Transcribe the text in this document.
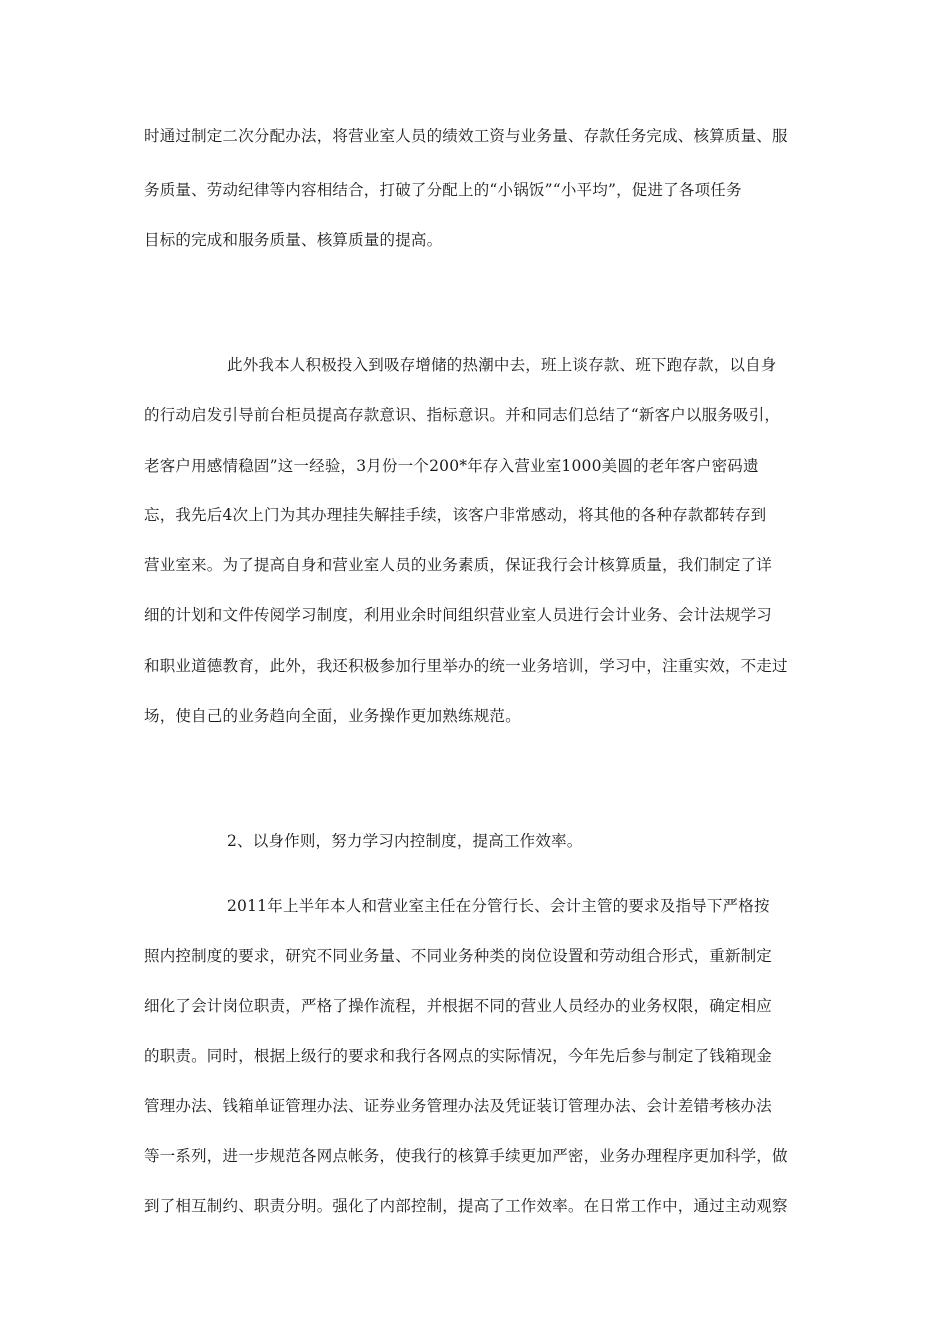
时通过制定二次分配办法，将营业室人员的绩效工资与业务量、存款任务完成、核算质量、服
务质量、劳动纪律等内容相结合，打破了分配上的“小锅饭”“小平均”，促进了各项任务
目标的完成和服务质量、核算质量的提高。
此外我本人积极投入到吸存增储的热潮中去，班上谈存款、班下跑存款，以自身
的行动启发引导前台柜员提高存款意识、指标意识。并和同志们总结了“新客户以服务吸引，
老客户用感情稳固”这一经验，3月份一个200*年存入营业室1000美圆的老年客户密码遗
忘，我先后4次上门为其办理挂失解挂手续，该客户非常感动，将其他的各种存款都转存到
营业室来。为了提高自身和营业室人员的业务素质，保证我行会计核算质量，我们制定了详
细的计划和文件传阅学习制度，利用业余时间组织营业室人员进行会计业务、会计法规学习
和职业道德教育，此外，我还积极参加行里举办的统一业务培训，学习中，注重实效，不走过
场，使自己的业务趋向全面，业务操作更加熟练规范。
2、以身作则，努力学习内控制度，提高工作效率。
2011年上半年本人和营业室主任在分管行长、会计主管的要求及指导下严格按
照内控制度的要求，研究不同业务量、不同业务种类的岗位设置和劳动组合形式，重新制定
细化了会计岗位职责，严格了操作流程，并根据不同的营业人员经办的业务权限，确定相应
的职责。同时，根据上级行的要求和我行各网点的实际情况，今年先后参与制定了钱箱现金
管理办法、钱箱单证管理办法、证券业务管理办法及凭证装订管理办法、会计差错考核办法
等一系列，进一步规范各网点帐务，使我行的核算手续更加严密，业务办理程序更加科学，做
到了相互制约、职责分明。强化了内部控制，提高了工作效率。在日常工作中，通过主动观察
